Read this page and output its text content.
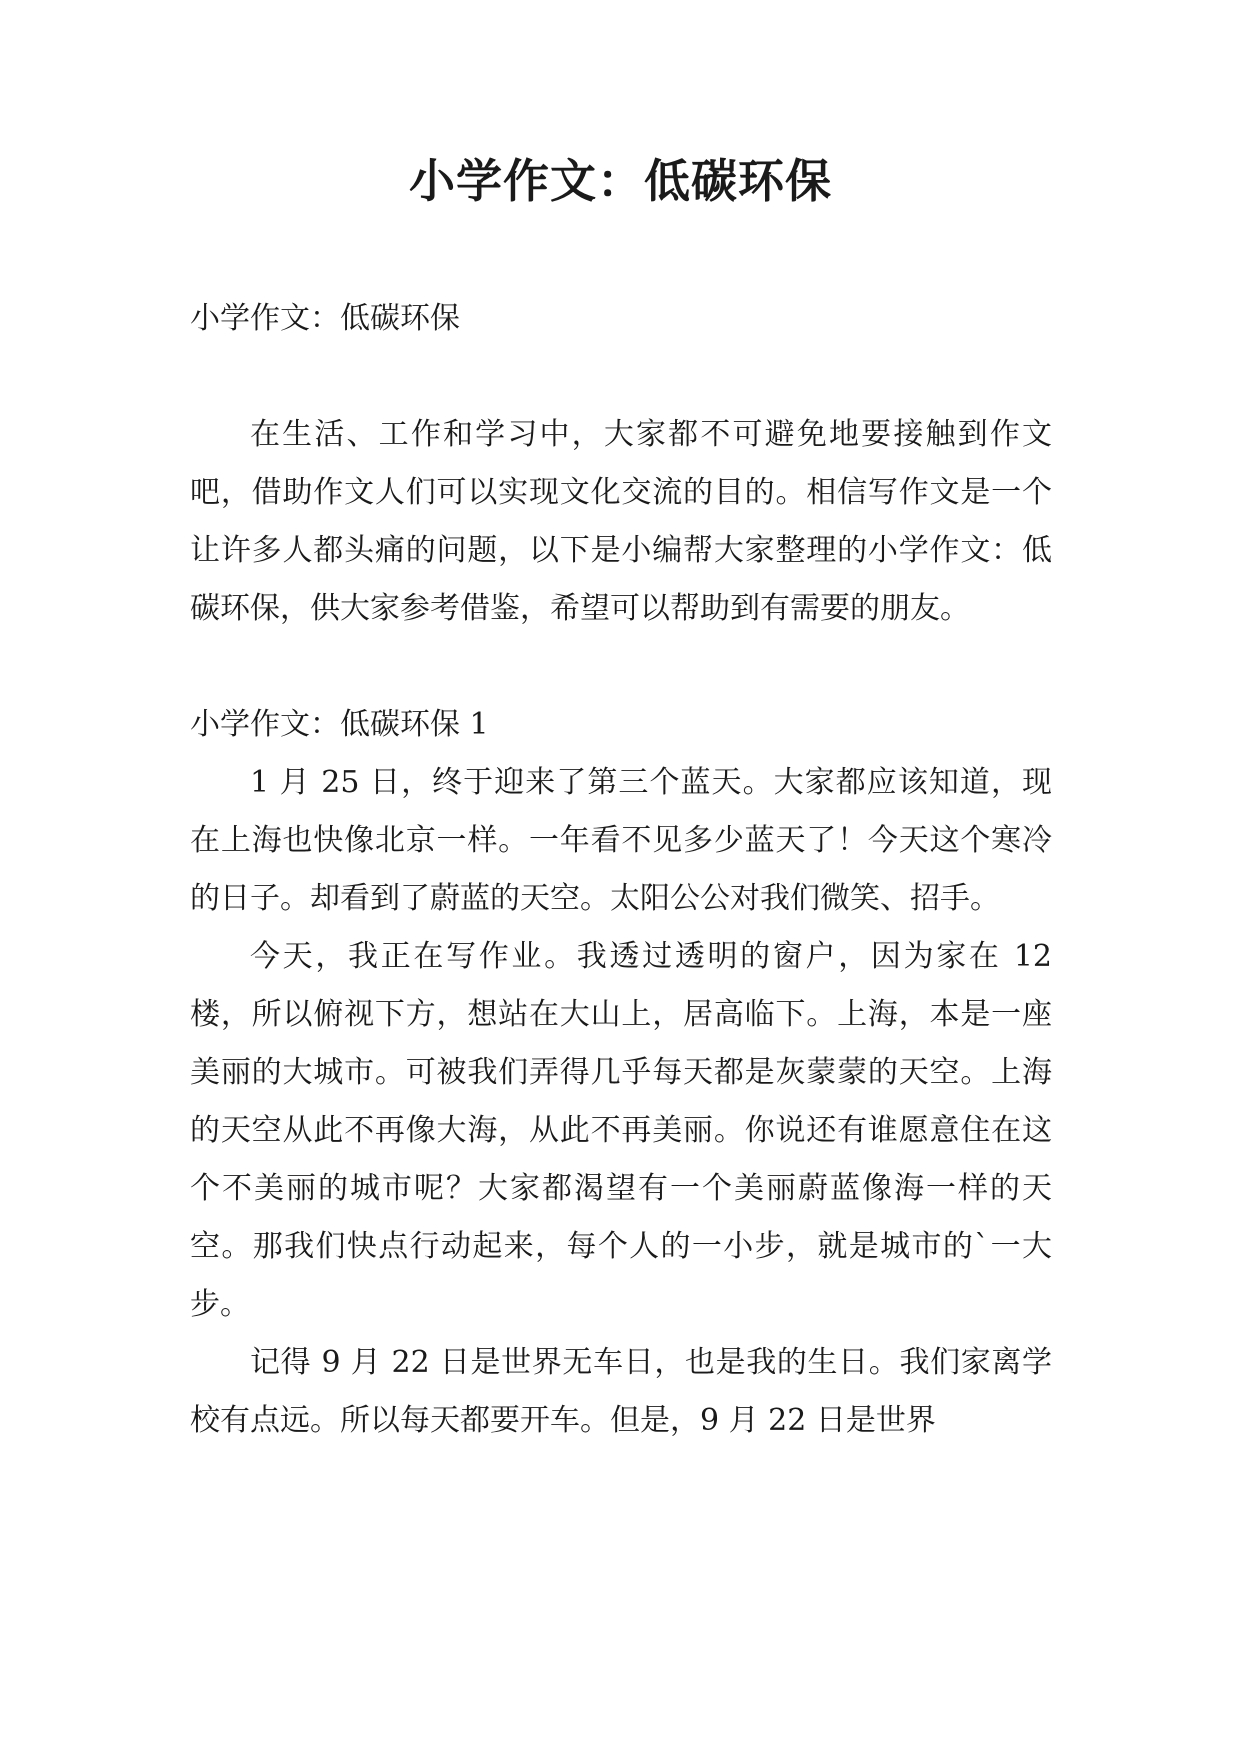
小学作文：低碳环保

小学作文：低碳环保

在生活、工作和学习中，大家都不可避免地要接触到作文吧，借助作文人们可以实现文化交流的目的。相信写作文是一个让许多人都头痛的问题，以下是小编帮大家整理的小学作文：低碳环保，供大家参考借鉴，希望可以帮助到有需要的朋友。

小学作文：低碳环保 1

1 月 25 日，终于迎来了第三个蓝天。大家都应该知道，现在上海也快像北京一样。一年看不见多少蓝天了！今天这个寒冷的日子。却看到了蔚蓝的天空。太阳公公对我们微笑、招手。

今天，我正在写作业。我透过透明的窗户，因为家在 12 楼，所以俯视下方，想站在大山上，居高临下。上海，本是一座美丽的大城市。可被我们弄得几乎每天都是灰蒙蒙的天空。上海的天空从此不再像大海，从此不再美丽。你说还有谁愿意住在这个不美丽的城市呢？大家都渴望有一个美丽蔚蓝像海一样的天空。那我们快点行动起来，每个人的一小步，就是城市的`一大步。

记得 9 月 22 日是世界无车日，也是我的生日。我们家离学校有点远。所以每天都要开车。但是，9 月 22 日是世界
